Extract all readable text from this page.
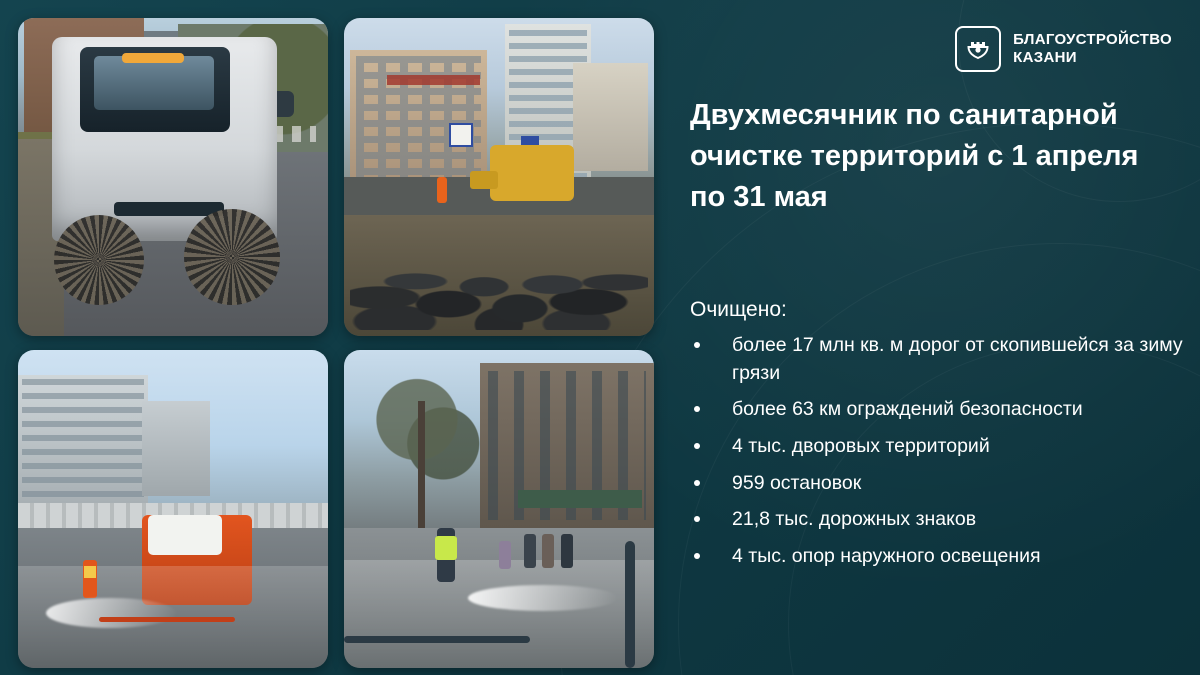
БЛАГОУСТРОЙСТВО
КАЗАНИ
Двухмесячник по санитарной очистке территорий с 1 апреля по 31 мая
Очищено:
более 17 млн кв. м дорог от скопившейся за зиму грязи
более 63 км ограждений безопасности
4 тыс. дворовых территорий
959 остановок
21,8 тыс. дорожных знаков
4 тыс. опор наружного освещения
